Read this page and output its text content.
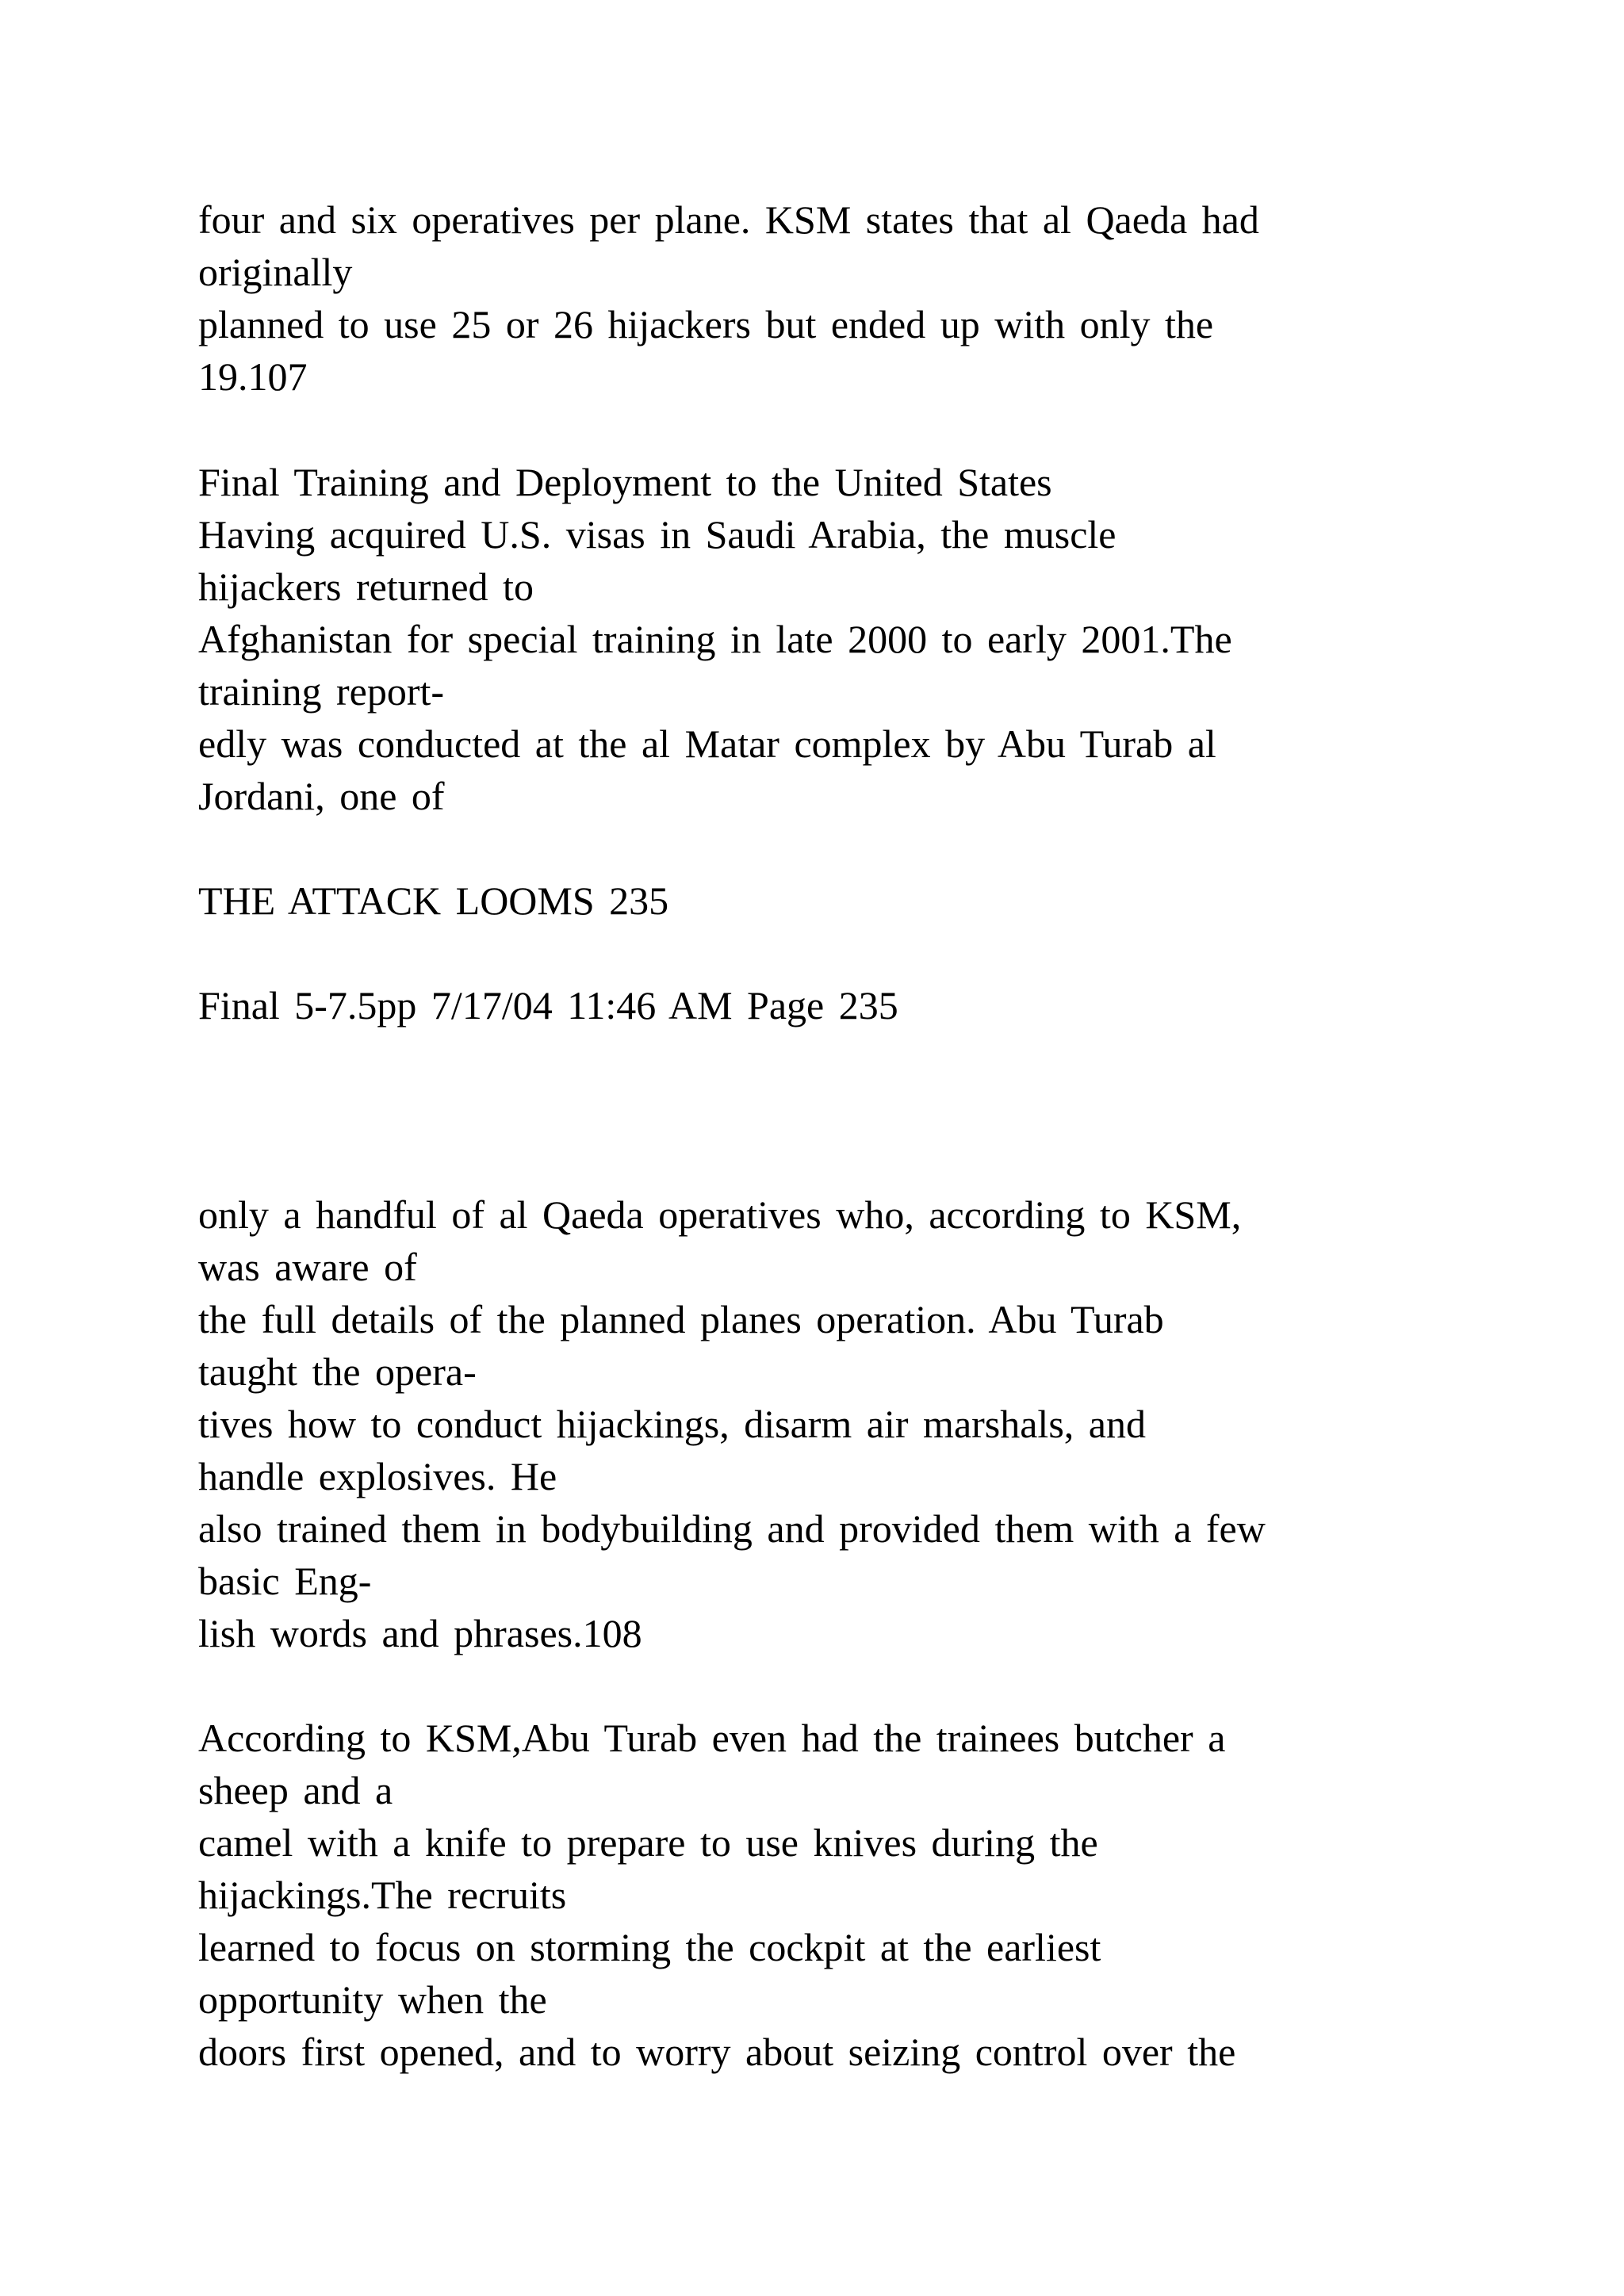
four and six operatives per plane. KSM states that al Qaeda had

originally

planned to use 25 or 26 hijackers but ended up with only the

19.107

Final Training and Deployment to the United States

Having acquired U.S. visas in Saudi Arabia, the muscle

hijackers returned to

Afghanistan for special training in late 2000 to early 2001.The

training report-

edly was conducted at the al Matar complex by Abu Turab al

Jordani, one of

THE ATTACK LOOMS 235

Final 5-7.5pp 7/17/04 11:46 AM Page 235

only a handful of al Qaeda operatives who, according to KSM,

was aware of

the full details of the planned planes operation. Abu Turab

taught the opera-

tives how to conduct hijackings, disarm air marshals, and

handle explosives. He

also trained them in bodybuilding and provided them with a few

basic Eng-

lish words and phrases.108

According to KSM,Abu Turab even had the trainees butcher a

sheep and a

camel with a knife to prepare to use knives during the

hijackings.The recruits

learned to focus on storming the cockpit at the earliest

opportunity when the

doors first opened, and to worry about seizing control over the
